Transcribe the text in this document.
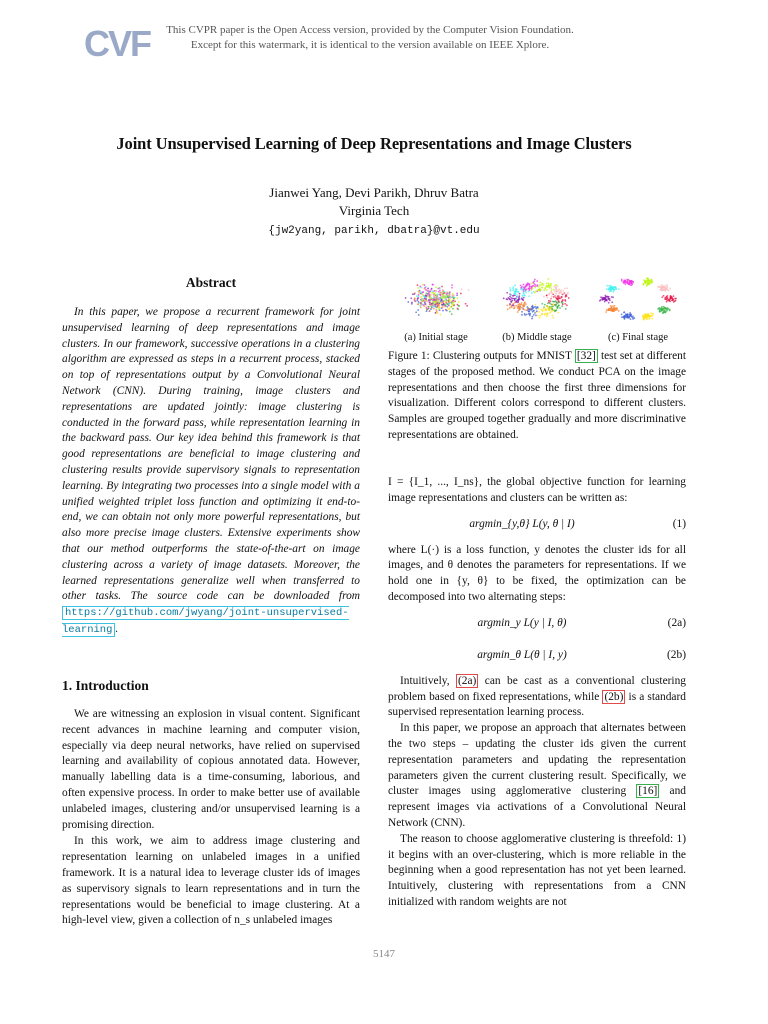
CVF	This CVPR paper is the Open Access version, provided by the Computer Vision Foundation.
Except for this watermark, it is identical to the version available on IEEE Xplore.
Joint Unsupervised Learning of Deep Representations and Image Clusters
Jianwei Yang, Devi Parikh, Dhruv Batra
Virginia Tech
{jw2yang, parikh, dbatra}@vt.edu
Abstract

In this paper, we propose a recurrent framework for joint unsupervised learning of deep representations and image clusters. In our framework, successive operations in a clustering algorithm are expressed as steps in a recurrent process, stacked on top of representations output by a Convolutional Neural Network (CNN). During training, image clusters and representations are updated jointly: image clustering is conducted in the forward pass, while representation learning in the backward pass. Our key idea behind this framework is that good representations are beneficial to image clustering and clustering results provide supervisory signals to representation learning. By integrating two processes into a single model with a unified weighted triplet loss function and optimizing it end-to-end, we can obtain not only more powerful representations, but also more precise image clusters. Extensive experiments show that our method outperforms the state-of-the-art on image clustering across a variety of image datasets. Moreover, the learned representations generalize well when transferred to other tasks. The source code can be downloaded from https://github.com/jwyang/joint-unsupervised-learning .

1. Introduction

We are witnessing an explosion in visual content. Significant recent advances in machine learning and computer vision, especially via deep neural networks, have relied on supervised learning and availability of copious annotated data. However, manually labelling data is a time-consuming, laborious, and often expensive process. In order to make better use of available unlabeled images, clustering and/or unsupervised learning is a promising direction.

In this work, we aim to address image clustering and representation learning on unlabeled images in a unified framework. It is a natural idea to leverage cluster ids of images as supervisory signals to learn representations and in turn the representations would be beneficial to image clustering. At a high-level view, given a collection of n_s unlabeled images

(a) Initial stage	(b) Middle stage	(c) Final stage
Figure 1: Clustering outputs for MNIST [32] test set at different stages of the proposed method. We conduct PCA on the image representations and then choose the first three dimensions for visualization. Different colors correspond to different clusters. Samples are grouped together gradually and more discriminative representations are obtained.

I = {I_1, ..., I_ns}, the global objective function for learning image representations and clusters can be written as:

argmin_{y,θ} L(y, θ | I)	(1)

where L(·) is a loss function, y denotes the cluster ids for all images, and θ denotes the parameters for representations. If we hold one in {y, θ} to be fixed, the optimization can be decomposed into two alternating steps:

argmin_y L(y | I, θ)	(2a)
argmin_θ L(θ | I, y)	(2b)

Intuitively, (2a) can be cast as a conventional clustering problem based on fixed representations, while (2b) is a standard supervised representation learning process.

In this paper, we propose an approach that alternates between the two steps – updating the cluster ids given the current representation parameters and updating the representation parameters given the current clustering result. Specifically, we cluster images using agglomerative clustering [16] and represent images via activations of a Convolutional Neural Network (CNN).

The reason to choose agglomerative clustering is threefold: 1) it begins with an over-clustering, which is more reliable in the beginning when a good representation has not yet been learned. Intuitively, clustering with representations from a CNN initialized with random weights are not

5147
